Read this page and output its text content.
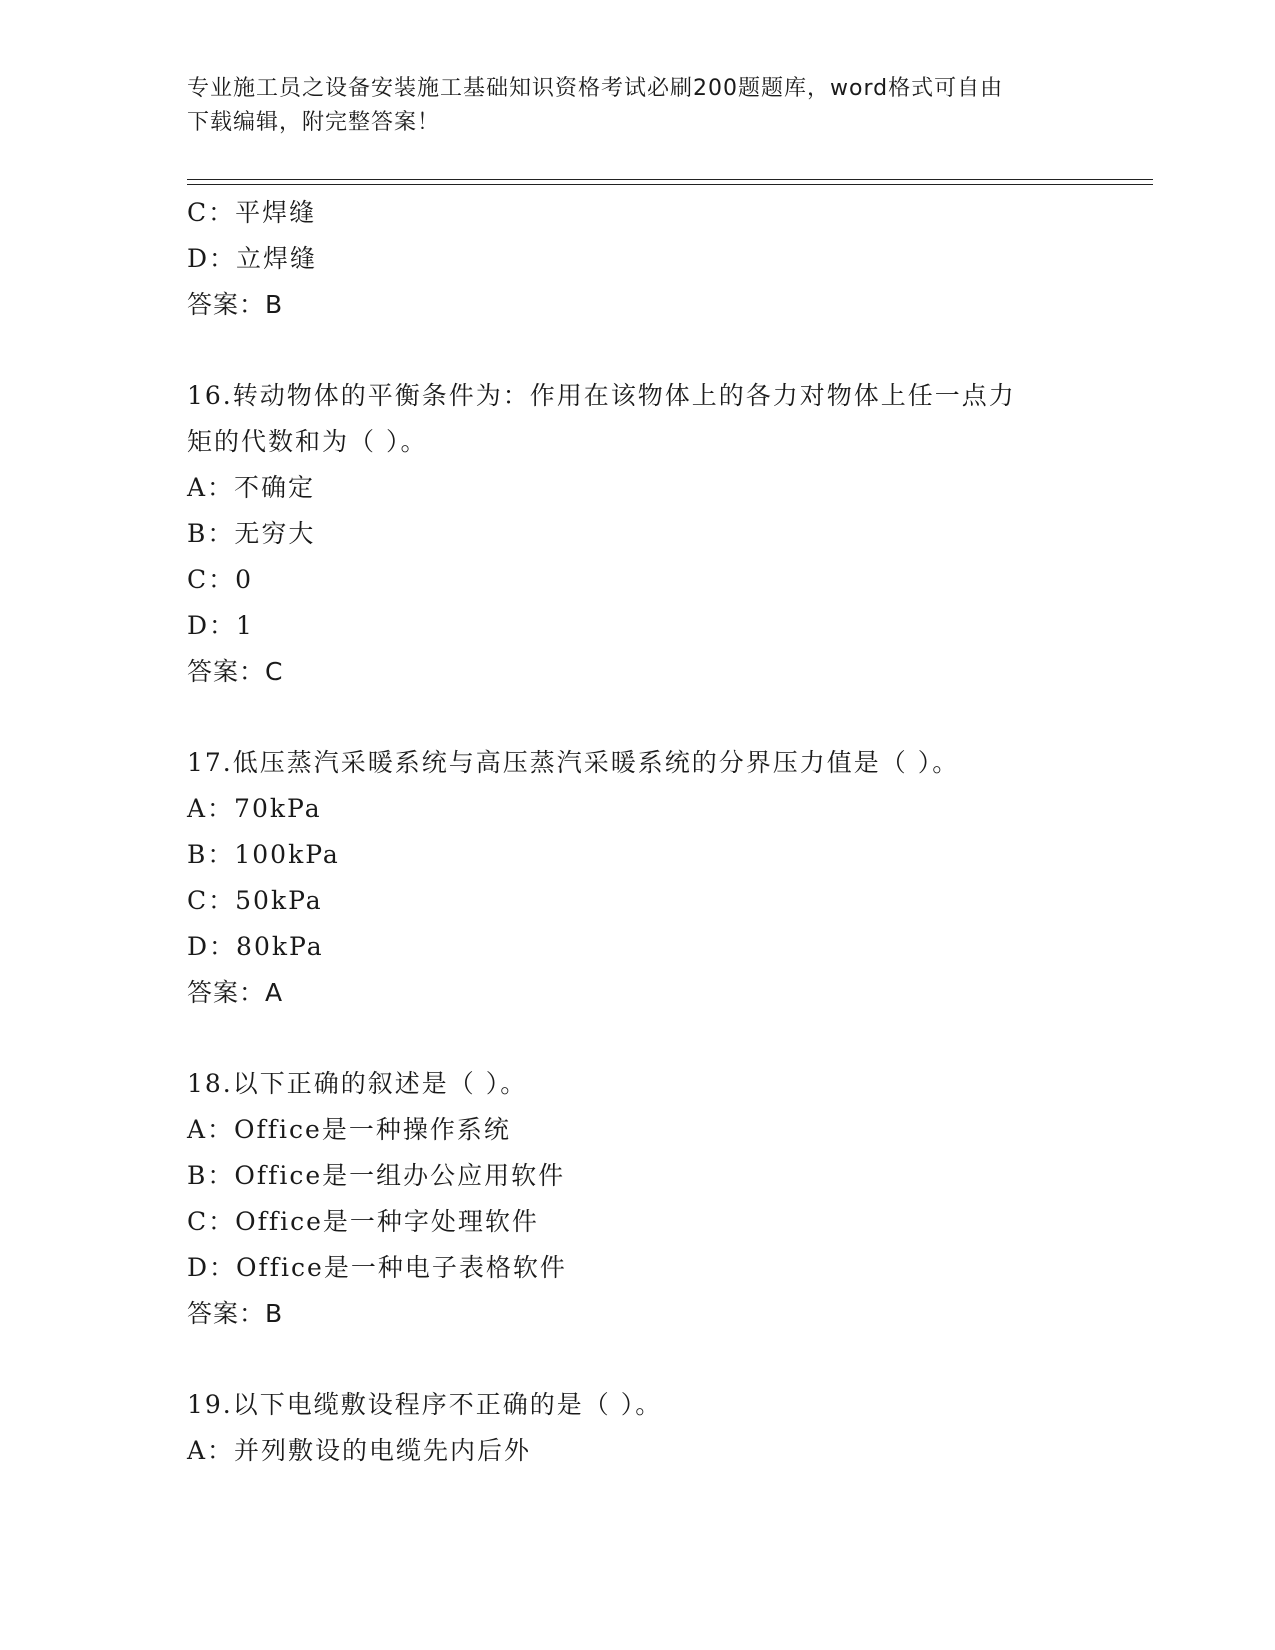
专业施工员之设备安装施工基础知识资格考试必刷200题题库，word格式可自由
下载编辑，附完整答案！
C：平焊缝
D：立焊缝
答案：B
16.转动物体的平衡条件为：作用在该物体上的各力对物体上任一点力
矩的代数和为（ ）。
A：不确定
B：无穷大
C：0
D：1
答案：C
17.低压蒸汽采暖系统与高压蒸汽采暖系统的分界压力值是（ ）。
A：70kPa
B：100kPa
C：50kPa
D：80kPa
答案：A
18.以下正确的叙述是（ ）。
A：Office是一种操作系统
B：Office是一组办公应用软件
C：Office是一种字处理软件
D：Office是一种电子表格软件
答案：B
19.以下电缆敷设程序不正确的是（ ）。
A：并列敷设的电缆先内后外
